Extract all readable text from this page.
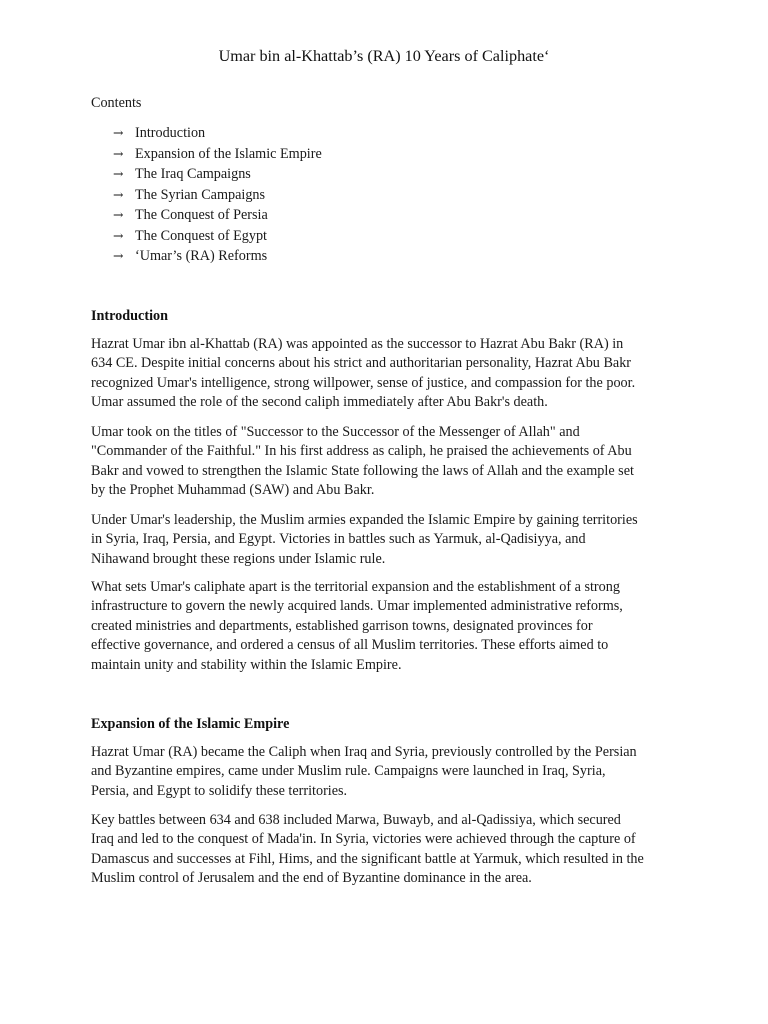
Umar bin al-Khattab’s (RA) 10 Years of Caliphate‘

Contents

→ Introduction
→ Expansion of the Islamic Empire
→ The Iraq Campaigns
→ The Syrian Campaigns
→ The Conquest of Persia
→ The Conquest of Egypt
→ ‘Umar’s (RA) Reforms
Introduction

Hazrat Umar ibn al-Khattab (RA) was appointed as the successor to Hazrat Abu Bakr (RA) in
634 CE. Despite initial concerns about his strict and authoritarian personality, Hazrat Abu Bakr
recognized Umar's intelligence, strong willpower, sense of justice, and compassion for the poor.
Umar assumed the role of the second caliph immediately after Abu Bakr's death.

Umar took on the titles of "Successor to the Successor of the Messenger of Allah" and
"Commander of the Faithful." In his first address as caliph, he praised the achievements of Abu
Bakr and vowed to strengthen the Islamic State following the laws of Allah and the example set
by the Prophet Muhammad (SAW) and Abu Bakr.

Under Umar's leadership, the Muslim armies expanded the Islamic Empire by gaining territories
in Syria, Iraq, Persia, and Egypt. Victories in battles such as Yarmuk, al-Qadisiyya, and
Nihawand brought these regions under Islamic rule.

What sets Umar's caliphate apart is the territorial expansion and the establishment of a strong
infrastructure to govern the newly acquired lands. Umar implemented administrative reforms,
created ministries and departments, established garrison towns, designated provinces for
effective governance, and ordered a census of all Muslim territories. These efforts aimed to
maintain unity and stability within the Islamic Empire.

Expansion of the Islamic Empire

Hazrat Umar (RA) became the Caliph when Iraq and Syria, previously controlled by the Persian
and Byzantine empires, came under Muslim rule. Campaigns were launched in Iraq, Syria,
Persia, and Egypt to solidify these territories.

Key battles between 634 and 638 included Marwa, Buwayb, and al-Qadissiya, which secured
Iraq and led to the conquest of Mada'in. In Syria, victories were achieved through the capture of
Damascus and successes at Fihl, Hims, and the significant battle at Yarmuk, which resulted in the
Muslim control of Jerusalem and the end of Byzantine dominance in the area.
